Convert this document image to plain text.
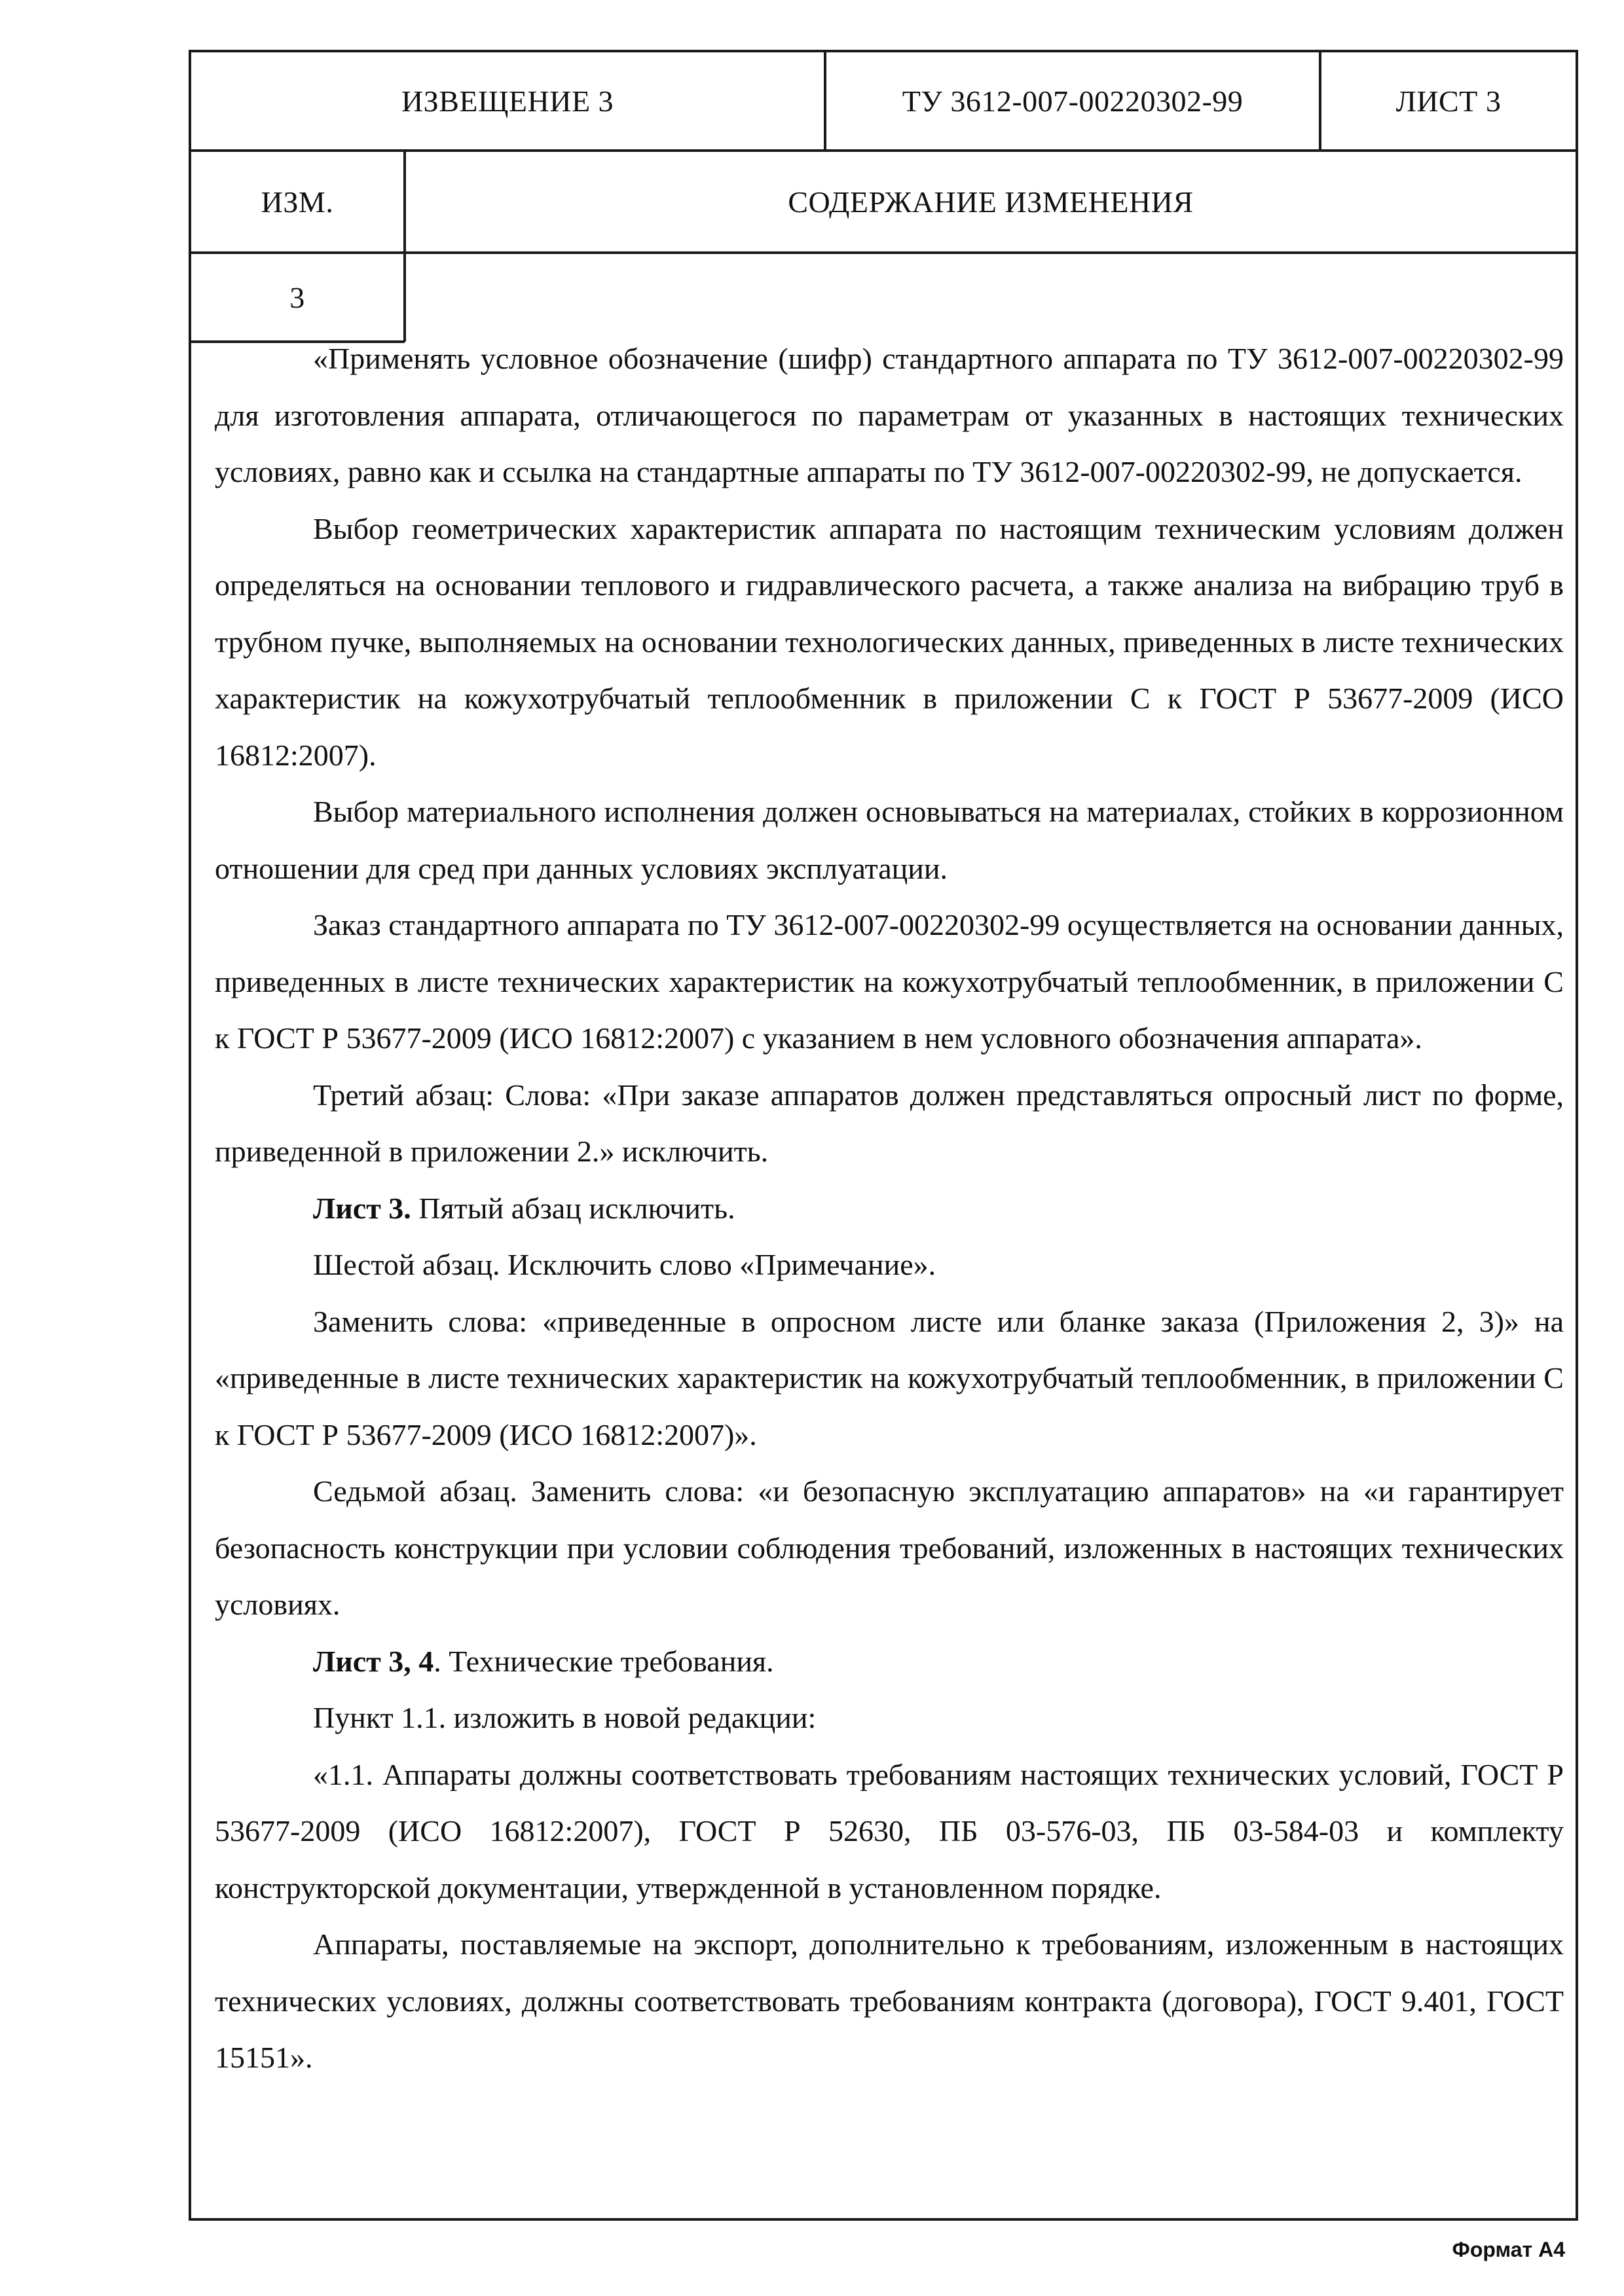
ИЗВЕЩЕНИЕ 3	ТУ 3612-007-00220302-99	ЛИСТ 3
ИЗМ.	СОДЕРЖАНИЕ ИЗМЕНЕНИЯ
3

«Применять условное обозначение (шифр) стандартного аппарата по ТУ 3612-007-00220302-99 для изготовления аппарата, отличающегося по параметрам от указанных в настоящих технических условиях, равно как и ссылка на стандартные аппараты по ТУ 3612-007-00220302-99, не допускается.

Выбор геометрических характеристик аппарата по настоящим техническим условиям должен определяться на основании теплового и гидравлического расчета, а также анализа на вибрацию труб в трубном пучке, выполняемых на основании технологических данных, приведенных в листе технических характеристик на кожухотрубчатый теплообменник в приложении С к ГОСТ Р 53677-2009 (ИСО 16812:2007).

Выбор материального исполнения должен основываться на материалах, стойких в коррозионном отношении для сред при данных условиях эксплуатации.

Заказ стандартного аппарата по ТУ 3612-007-00220302-99 осуществляется на основании данных, приведенных в листе технических характеристик на кожухотрубчатый теплообменник, в приложении С к ГОСТ Р 53677-2009 (ИСО 16812:2007) с указанием в нем условного обозначения аппарата».

Третий абзац: Слова: «При заказе аппаратов должен представляться опросный лист по форме, приведенной в приложении 2.» исключить.

Лист 3. Пятый абзац исключить.

Шестой абзац. Исключить слово «Примечание».

Заменить слова: «приведенные в опросном листе или бланке заказа (Приложения 2, 3)» на «приведенные в листе технических характеристик на кожухотрубчатый теплообменник, в приложении С к ГОСТ Р 53677-2009 (ИСО 16812:2007)».

Седьмой абзац. Заменить слова: «и безопасную эксплуатацию аппаратов» на «и гарантирует безопасность конструкции при условии соблюдения требований, изложенных в настоящих технических условиях.

Лист 3, 4. Технические требования.

Пункт 1.1. изложить в новой редакции:

«1.1. Аппараты должны соответствовать требованиям настоящих технических условий, ГОСТ Р 53677-2009 (ИСО 16812:2007), ГОСТ Р 52630, ПБ 03-576-03, ПБ 03-584-03 и комплекту конструкторской документации, утвержденной в установленном порядке.

Аппараты, поставляемые на экспорт, дополнительно к требованиям, изложенным в настоящих технических условиях, должны соответствовать требованиям контракта (договора), ГОСТ 9.401, ГОСТ 15151».

Формат А4
